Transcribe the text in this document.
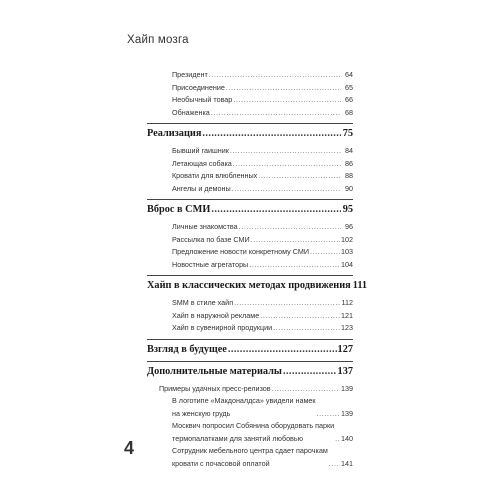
Хайп мозга
Президент .....	64
Присоединение .....	65
Необычный товар .....	66
Обнаженка .....	68
Реализация .....	75
Бывший гаишник .....	84
Летающая собака .....	86
Кровати для влюбленных .....	88
Ангелы и демоны .....	90
Вброс в СМИ .....	95
Личные знакомства .....	96
Рассылка по базе СМИ .....	102
Предложение новости конкретному СМИ .....	103
Новостные агрегаторы .....	104
Хайп в классических методах продвижения 111
SMM в стиле хайп .....	112
Хайп в наружной рекламе .....	121
Хайп в сувенирной продукции .....	123
Взгляд в будущее .....	127
Дополнительные материалы .....	137
Примеры удачных пресс-релизов .....	139
В логотипе «Макдоналдса» увидели намек
на женскую грудь .....	139
Москвич попросил Собянина оборудовать парки
термопалатками для занятий любовью .....	140
Сотрудник мебельного центра сдает парочкам
кровати с почасовой оплатой .....	141
4
